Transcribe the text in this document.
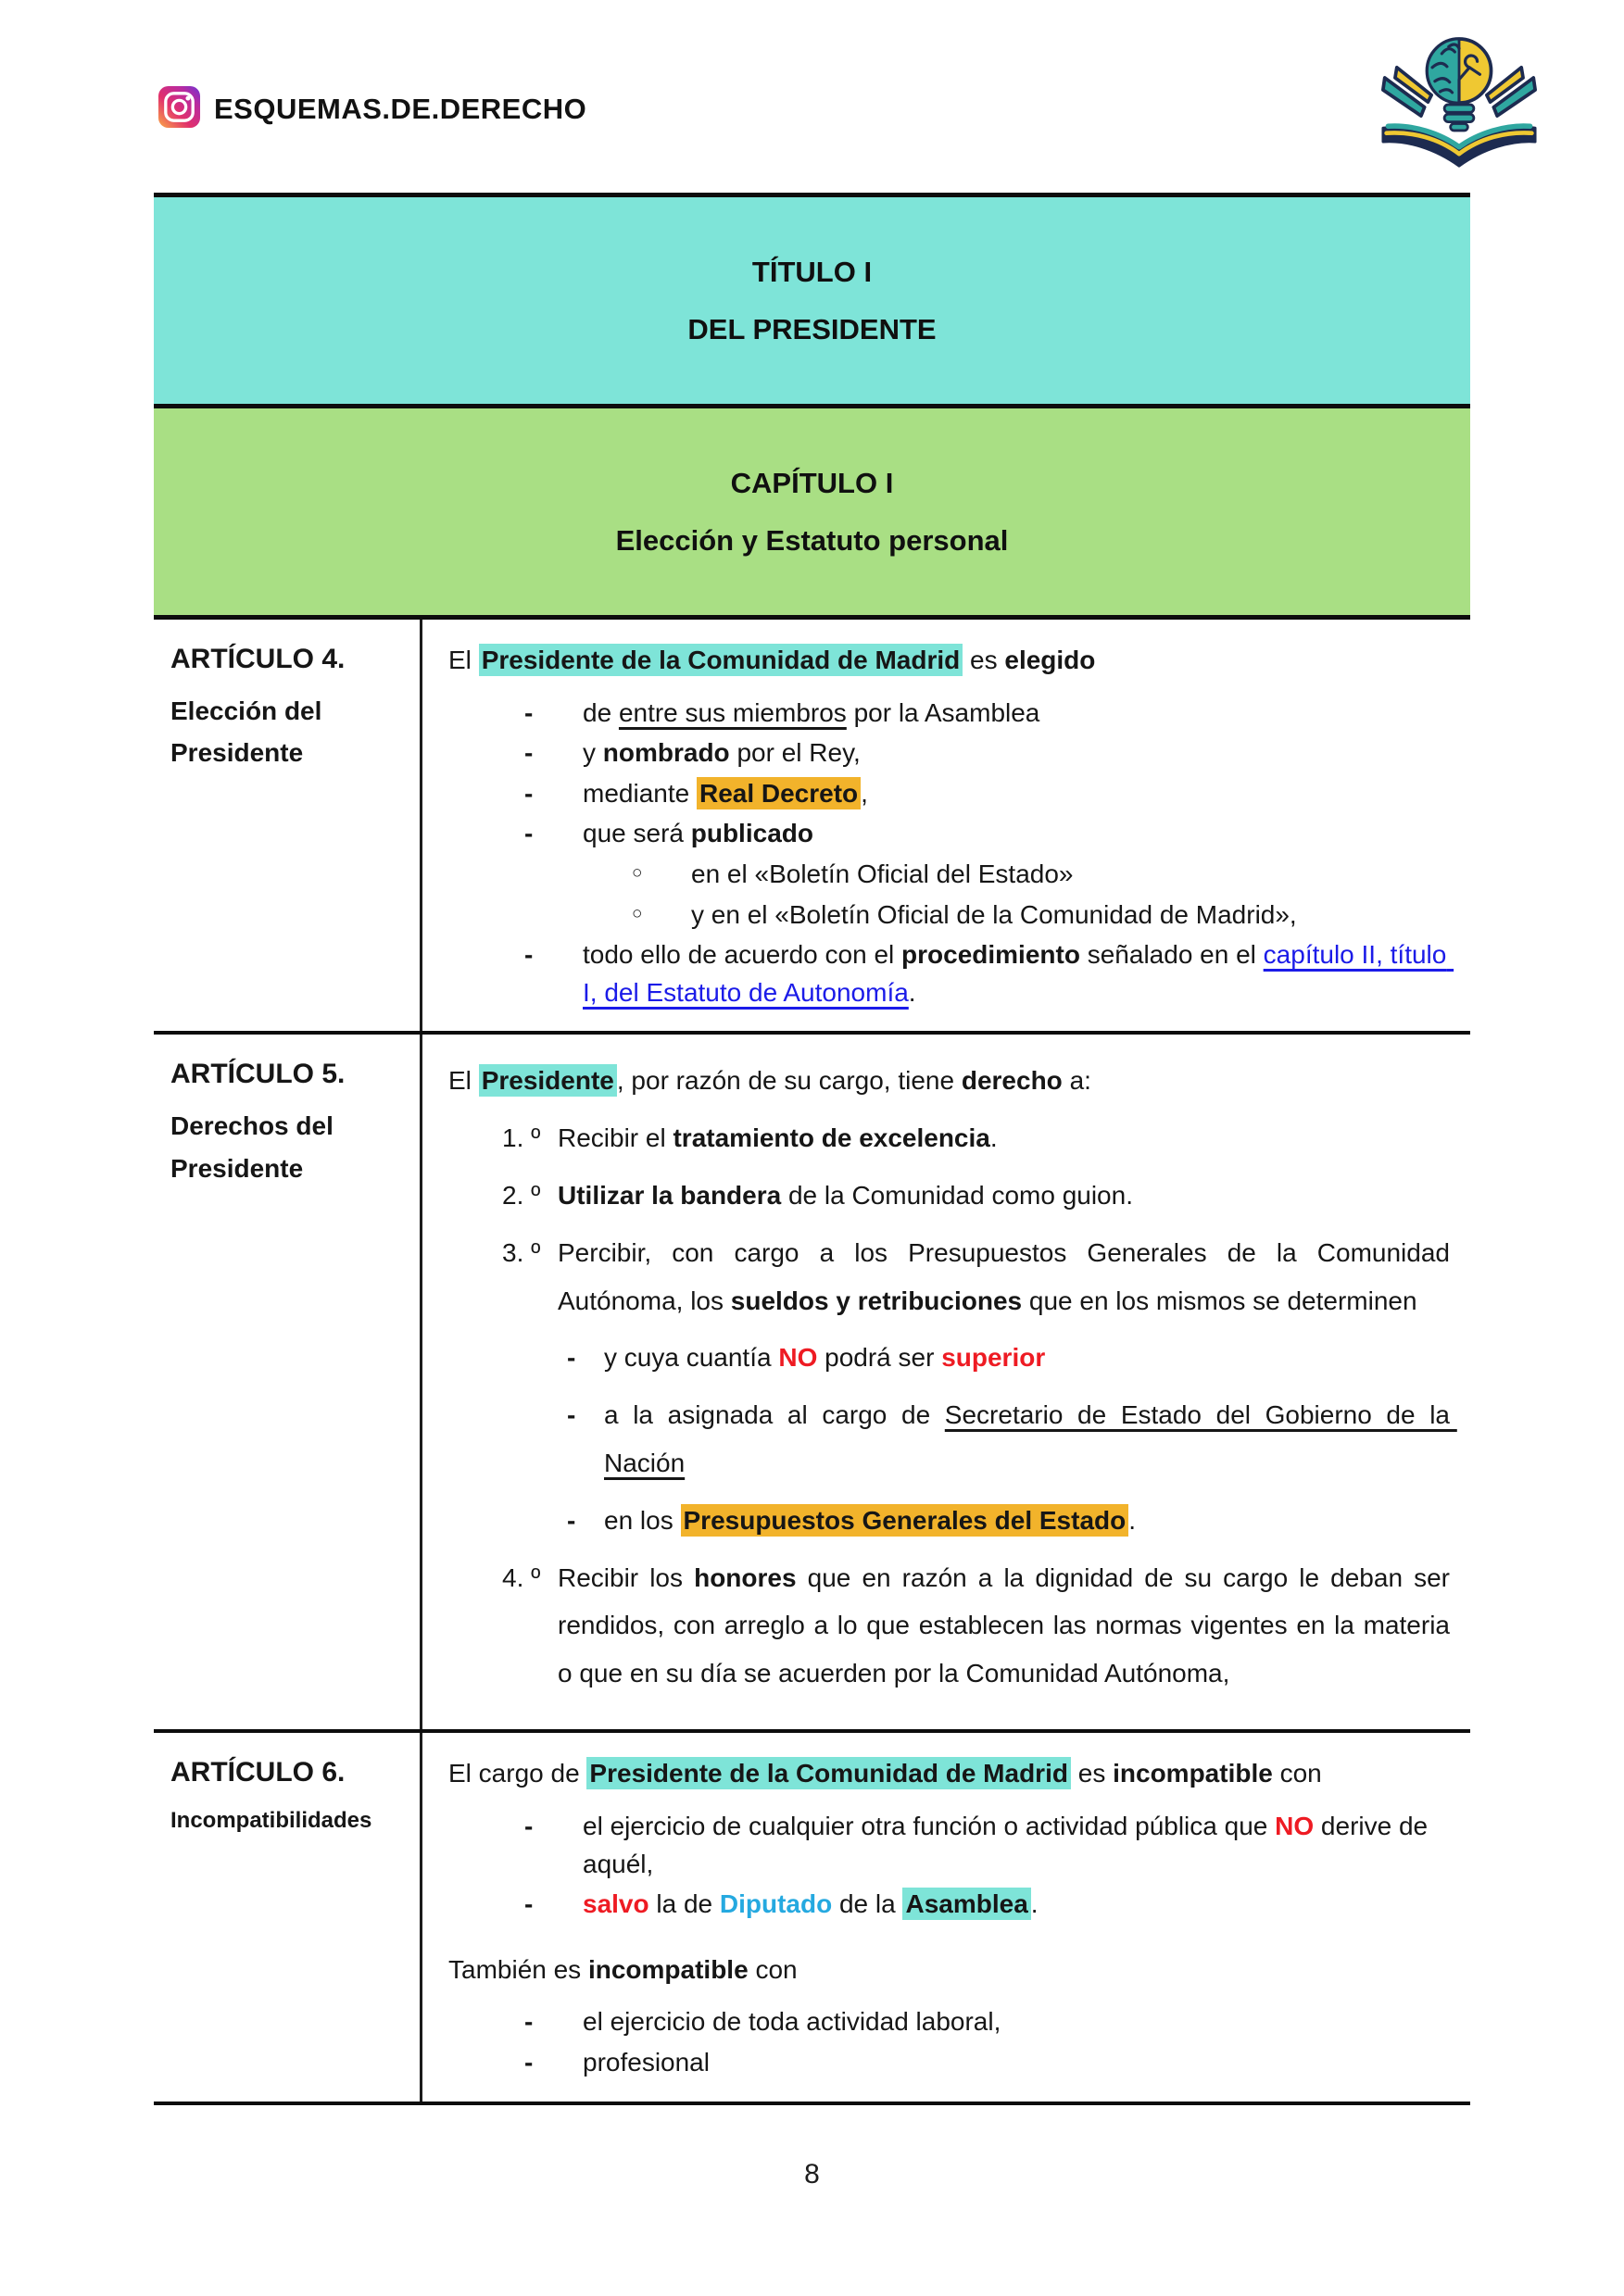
ESQUEMAS.DE.DERECHO
TÍTULO I
DEL PRESIDENTE
CAPÍTULO I
Elección y Estatuto personal
ARTÍCULO 4.
Elección del Presidente
El Presidente de la Comunidad de Madrid es elegido
- de entre sus miembros por la Asamblea
- y nombrado por el Rey,
- mediante Real Decreto ,
- que será publicado
○ en el «Boletín Oficial del Estado»
○ y en el «Boletín Oficial de la Comunidad de Madrid»,
- todo ello de acuerdo con el procedimiento señalado en el capítulo II, título I, del Estatuto de Autonomía.
ARTÍCULO 5.
Derechos del Presidente
El Presidente , por razón de su cargo, tiene derecho a:
1. º Recibir el tratamiento de excelencia.
2. º Utilizar la bandera de la Comunidad como guion.
3. º Percibir, con cargo a los Presupuestos Generales de la Comunidad Autónoma, los sueldos y retribuciones que en los mismos se determinen
- y cuya cuantía NO podrá ser superior
- a la asignada al cargo de Secretario de Estado del Gobierno de la Nación
- en los Presupuestos Generales del Estado .
4. º Recibir los honores que en razón a la dignidad de su cargo le deban ser rendidos, con arreglo a lo que establecen las normas vigentes en la materia o que en su día se acuerden por la Comunidad Autónoma,
ARTÍCULO 6.
Incompatibilidades
El cargo de Presidente de la Comunidad de Madrid es incompatible con
- el ejercicio de cualquier otra función o actividad pública que NO derive de aquél,
- salvo la de Diputado de la Asamblea .
También es incompatible con
- el ejercicio de toda actividad laboral,
- profesional
8
